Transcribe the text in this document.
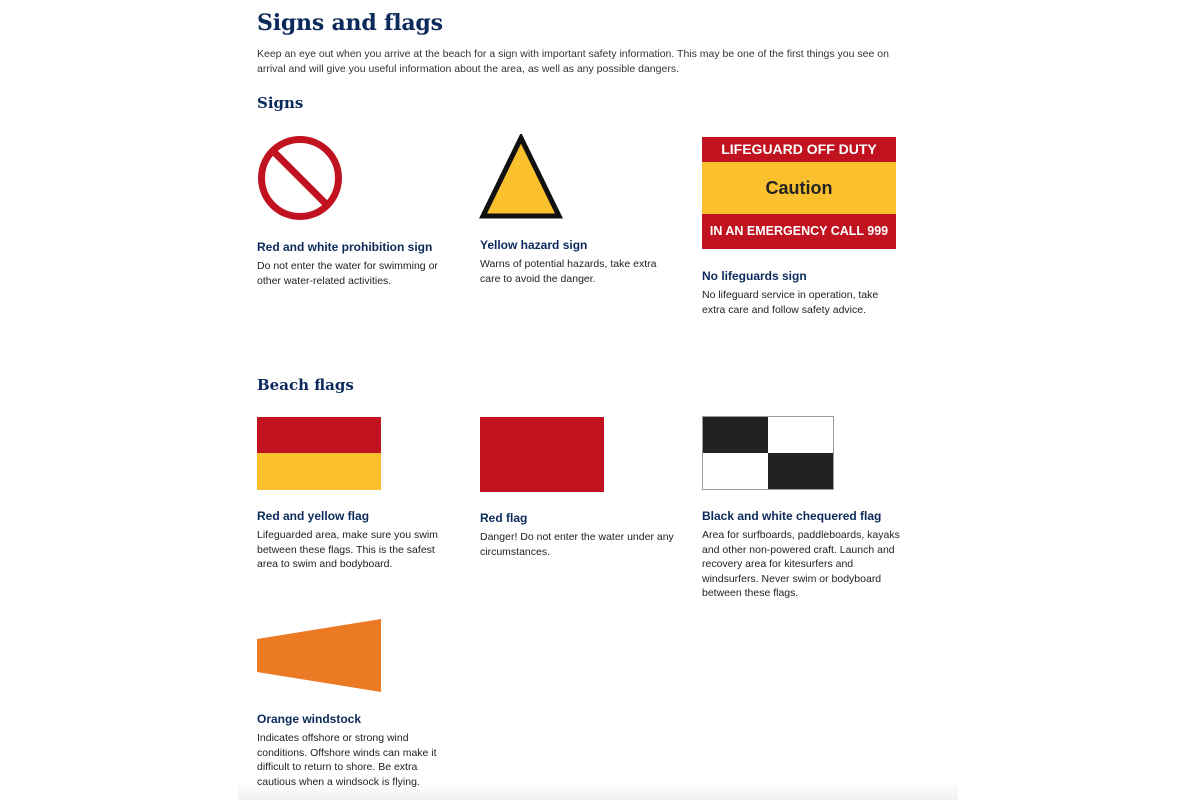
Signs and flags

Keep an eye out when you arrive at the beach for a sign with important safety information. This may be one of the first things you see on arrival and will give you useful information about the area, as well as any possible dangers.

Signs

Red and white prohibition sign

Do not enter the water for swimming or other water-related activities.

Yellow hazard sign

Warns of potential hazards, take extra care to avoid the danger.

LIFEGUARD OFF DUTY
Caution
IN AN EMERGENCY CALL 999

No lifeguards sign

No lifeguard service in operation, take extra care and follow safety advice.

Beach flags

Red and yellow flag

Lifeguarded area, make sure you swim between these flags. This is the safest area to swim and bodyboard.

Red flag

Danger! Do not enter the water under any circumstances.

Black and white chequered flag

Area for surfboards, paddleboards, kayaks and other non-powered craft. Launch and recovery area for kitesurfers and windsurfers. Never swim or bodyboard between these flags.

Orange windstock

Indicates offshore or strong wind conditions. Offshore winds can make it difficult to return to shore. Be extra cautious when a windsock is flying.
